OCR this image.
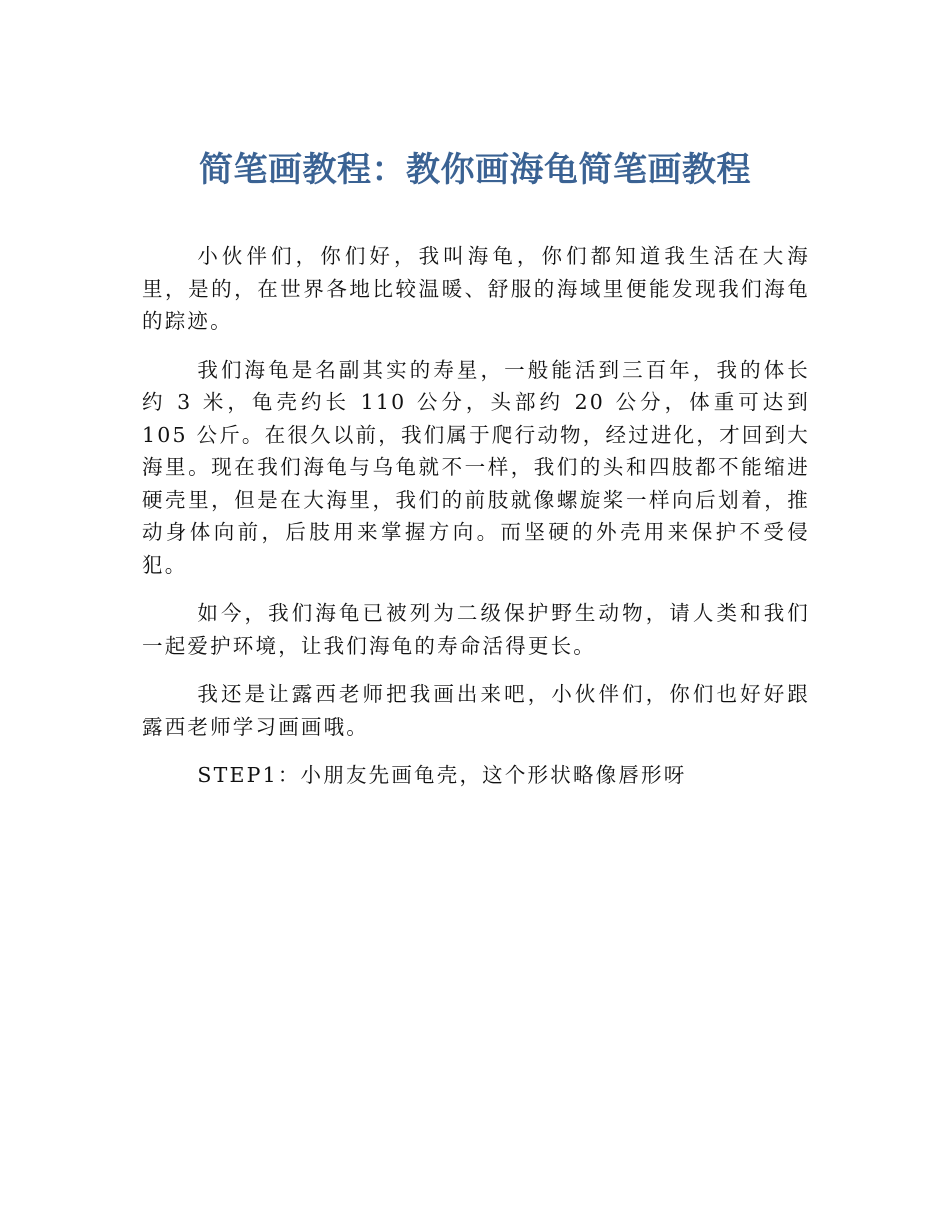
简笔画教程：教你画海龟简笔画教程

小伙伴们，你们好，我叫海龟，你们都知道我生活在大海里，是的，在世界各地比较温暖、舒服的海域里便能发现我们海龟的踪迹。

我们海龟是名副其实的寿星，一般能活到三百年，我的体长约 3 米，龟壳约长 110 公分，头部约 20 公分，体重可达到 105 公斤。在很久以前，我们属于爬行动物，经过进化，才回到大海里。现在我们海龟与乌龟就不一样，我们的头和四肢都不能缩进硬壳里，但是在大海里，我们的前肢就像螺旋桨一样向后划着，推动身体向前，后肢用来掌握方向。而坚硬的外壳用来保护不受侵犯。

如今，我们海龟已被列为二级保护野生动物，请人类和我们一起爱护环境，让我们海龟的寿命活得更长。

我还是让露西老师把我画出来吧，小伙伴们，你们也好好跟露西老师学习画画哦。

STEP1：小朋友先画龟壳，这个形状略像唇形呀
